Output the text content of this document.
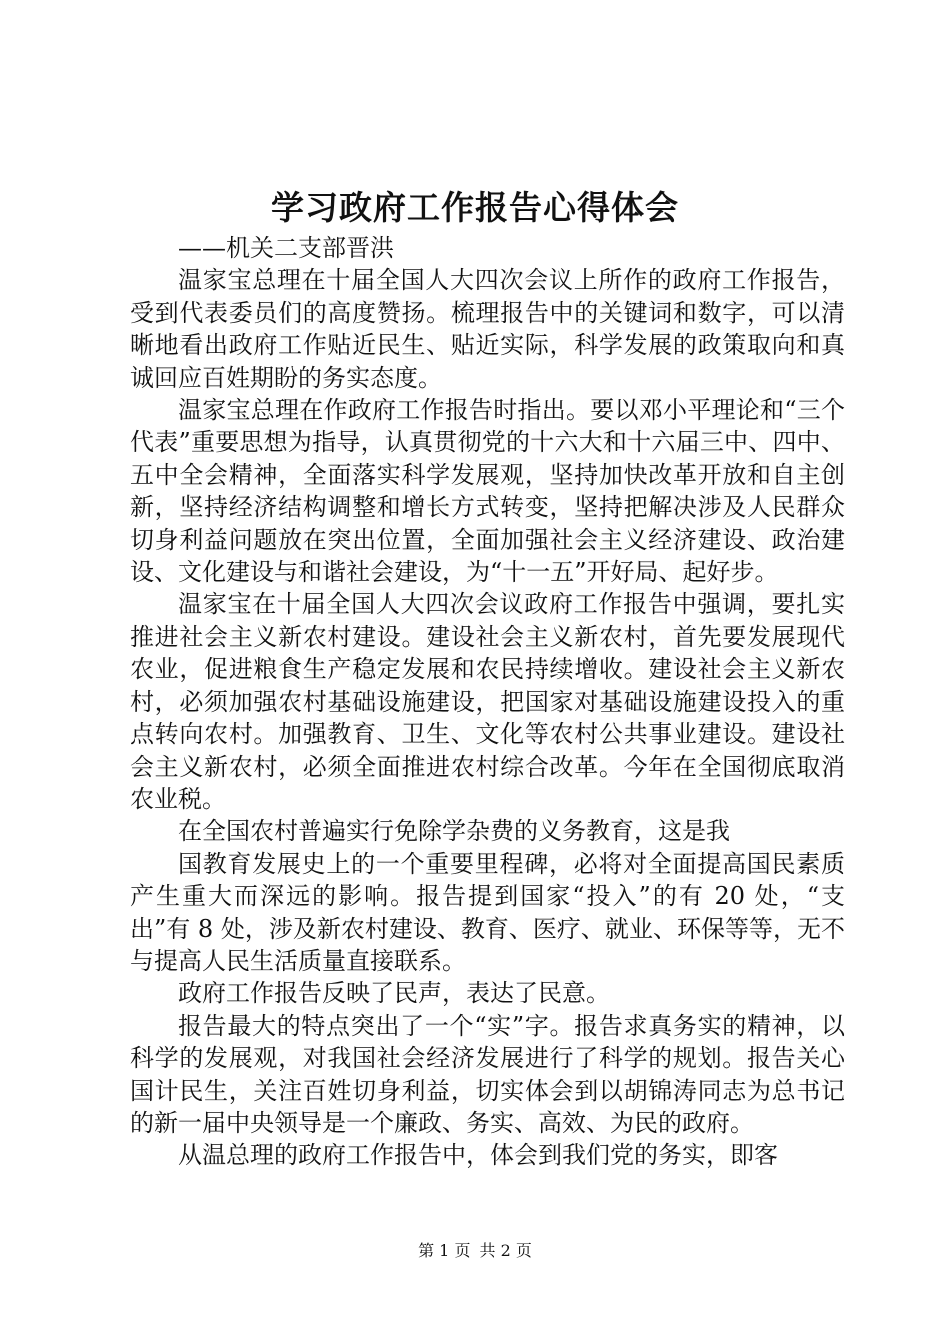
学习政府工作报告心得体会

——机关二支部晋洪

温家宝总理在十届全国人大四次会议上所作的政府工作报告，受到代表委员们的高度赞扬。梳理报告中的关键词和数字，可以清晰地看出政府工作贴近民生、贴近实际，科学发展的政策取向和真诚回应百姓期盼的务实态度。

温家宝总理在作政府工作报告时指出。要以邓小平理论和“三个代表”重要思想为指导，认真贯彻党的十六大和十六届三中、四中、五中全会精神，全面落实科学发展观，坚持加快改革开放和自主创新，坚持经济结构调整和增长方式转变，坚持把解决涉及人民群众切身利益问题放在突出位置，全面加强社会主义经济建设、政治建设、文化建设与和谐社会建设，为“十一五”开好局、起好步。

温家宝在十届全国人大四次会议政府工作报告中强调，要扎实推进社会主义新农村建设。建设社会主义新农村，首先要发展现代农业，促进粮食生产稳定发展和农民持续增收。建设社会主义新农村，必须加强农村基础设施建设，把国家对基础设施建设投入的重点转向农村。加强教育、卫生、文化等农村公共事业建设。建设社会主义新农村，必须全面推进农村综合改革。今年在全国彻底取消农业税。

在全国农村普遍实行免除学杂费的义务教育，这是我

国教育发展史上的一个重要里程碑，必将对全面提高国民素质产生重大而深远的影响。报告提到国家“投入”的有 20 处，“支出”有 8 处，涉及新农村建设、教育、医疗、就业、环保等等，无不与提高人民生活质量直接联系。

政府工作报告反映了民声，表达了民意。

报告最大的特点突出了一个“实”字。报告求真务实的精神，以科学的发展观，对我国社会经济发展进行了科学的规划。报告关心国计民生，关注百姓切身利益，切实体会到以胡锦涛同志为总书记的新一届中央领导是一个廉政、务实、高效、为民的政府。

从温总理的政府工作报告中，体会到我们党的务实，即客

第 1 页 共 2 页
